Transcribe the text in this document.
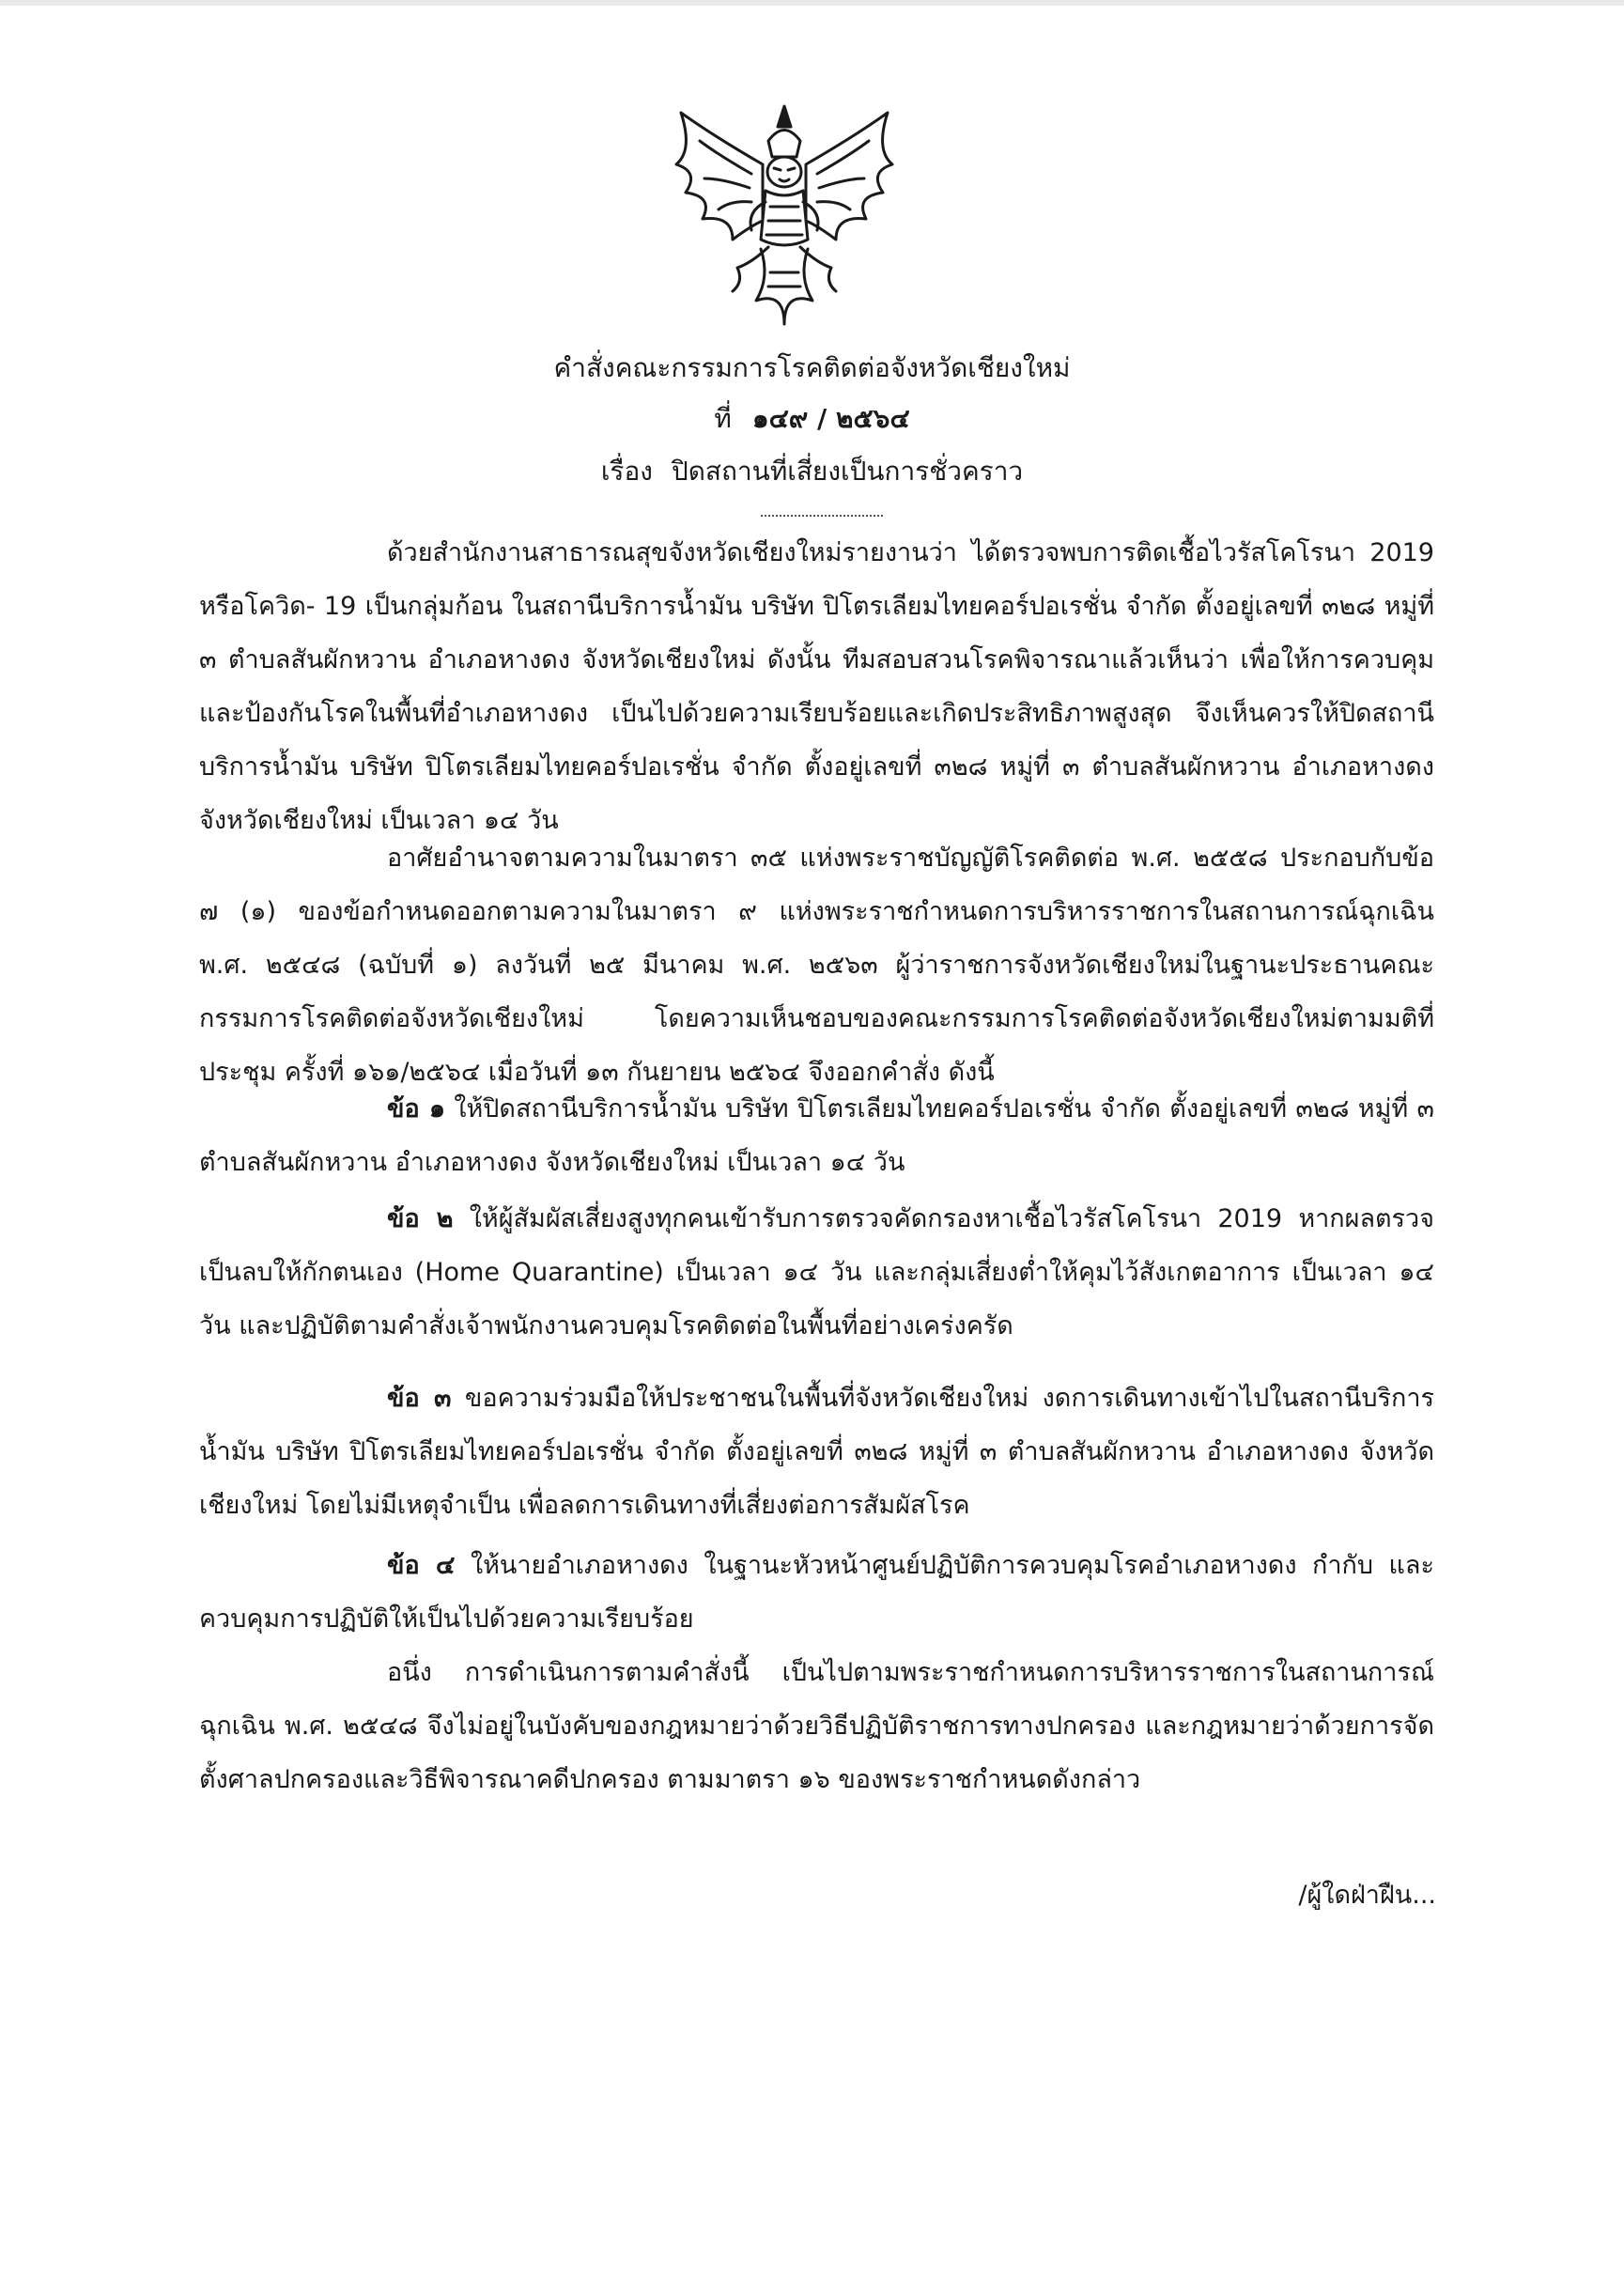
คำสั่งคณะกรรมการโรคติดต่อจังหวัดเชียงใหม่
ที่ ๑๔๙ / ๒๕๖๔
เรื่อง ปิดสถานที่เสี่ยงเป็นการชั่วคราว

ด้วยสำนักงานสาธารณสุขจังหวัดเชียงใหม่รายงานว่า ได้ตรวจพบการติดเชื้อไวรัสโคโรนา 2019 หรือโควิด- 19 เป็นกลุ่มก้อน ในสถานีบริการน้ำมัน บริษัท ปิโตรเลียมไทยคอร์ปอเรชั่น จำกัด ตั้งอยู่เลขที่ ๓๒๘ หมู่ที่ ๓ ตำบลสันผักหวาน อำเภอหางดง จังหวัดเชียงใหม่ ดังนั้น ทีมสอบสวนโรคพิจารณาแล้วเห็นว่า เพื่อให้การควบคุมและป้องกันโรคในพื้นที่อำเภอหางดง เป็นไปด้วยความเรียบร้อยและเกิดประสิทธิภาพสูงสุด จึงเห็นควรให้ปิดสถานีบริการน้ำมัน บริษัท ปิโตรเลียมไทยคอร์ปอเรชั่น จำกัด ตั้งอยู่เลขที่ ๓๒๘ หมู่ที่ ๓ ตำบลสันผักหวาน อำเภอหางดง จังหวัดเชียงใหม่ เป็นเวลา ๑๔ วัน

อาศัยอำนาจตามความในมาตรา ๓๕ แห่งพระราชบัญญัติโรคติดต่อ พ.ศ. ๒๕๕๘ ประกอบกับข้อ ๗ (๑) ของข้อกำหนดออกตามความในมาตรา ๙ แห่งพระราชกำหนดการบริหารราชการในสถานการณ์ฉุกเฉิน พ.ศ. ๒๕๔๘ (ฉบับที่ ๑) ลงวันที่ ๒๕ มีนาคม พ.ศ. ๒๕๖๓ ผู้ว่าราชการจังหวัดเชียงใหม่ในฐานะประธานคณะกรรมการโรคติดต่อจังหวัดเชียงใหม่ โดยความเห็นชอบของคณะกรรมการโรคติดต่อจังหวัดเชียงใหม่ตามมติที่ประชุม ครั้งที่ ๑๖๑/๒๕๖๔ เมื่อวันที่ ๑๓ กันยายน ๒๕๖๔ จึงออกคำสั่ง ดังนี้

ข้อ ๑ ให้ปิดสถานีบริการน้ำมัน บริษัท ปิโตรเลียมไทยคอร์ปอเรชั่น จำกัด ตั้งอยู่เลขที่ ๓๒๘ หมู่ที่ ๓ ตำบลสันผักหวาน อำเภอหางดง จังหวัดเชียงใหม่ เป็นเวลา ๑๔ วัน

ข้อ ๒ ให้ผู้สัมผัสเสี่ยงสูงทุกคนเข้ารับการตรวจคัดกรองหาเชื้อไวรัสโคโรนา 2019 หากผลตรวจเป็นลบให้กักตนเอง (Home Quarantine) เป็นเวลา ๑๔ วัน และกลุ่มเสี่ยงต่ำให้คุมไว้สังเกตอาการ เป็นเวลา ๑๔ วัน และปฏิบัติตามคำสั่งเจ้าพนักงานควบคุมโรคติดต่อในพื้นที่อย่างเคร่งครัด

ข้อ ๓ ขอความร่วมมือให้ประชาชนในพื้นที่จังหวัดเชียงใหม่ งดการเดินทางเข้าไปในสถานีบริการน้ำมัน บริษัท ปิโตรเลียมไทยคอร์ปอเรชั่น จำกัด ตั้งอยู่เลขที่ ๓๒๘ หมู่ที่ ๓ ตำบลสันผักหวาน อำเภอหางดง จังหวัดเชียงใหม่ โดยไม่มีเหตุจำเป็น เพื่อลดการเดินทางที่เสี่ยงต่อการสัมผัสโรค

ข้อ ๔ ให้นายอำเภอหางดง ในฐานะหัวหน้าศูนย์ปฏิบัติการควบคุมโรคอำเภอหางดง กำกับ และควบคุมการปฏิบัติให้เป็นไปด้วยความเรียบร้อย

อนึ่ง การดำเนินการตามคำสั่งนี้ เป็นไปตามพระราชกำหนดการบริหารราชการในสถานการณ์ฉุกเฉิน พ.ศ. ๒๕๔๘ จึงไม่อยู่ในบังคับของกฎหมายว่าด้วยวิธีปฏิบัติราชการทางปกครอง และกฎหมายว่าด้วยการจัดตั้งศาลปกครองและวิธีพิจารณาคดีปกครอง ตามมาตรา ๑๖ ของพระราชกำหนดดังกล่าว

/ผู้ใดฝ่าฝืน...
